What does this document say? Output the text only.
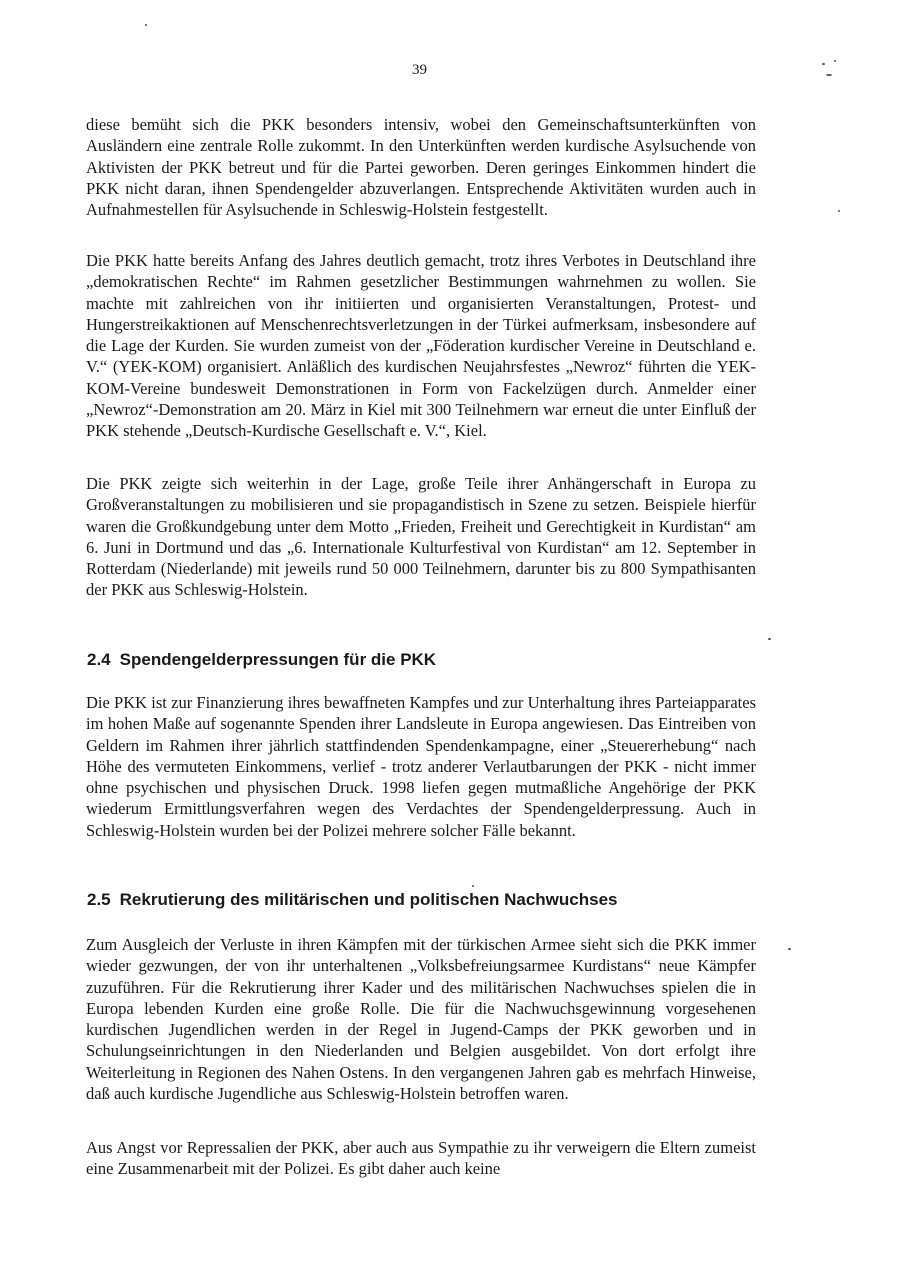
39

diese bemüht sich die PKK besonders intensiv, wobei den Gemeinschaftsunterkünften von Ausländern eine zentrale Rolle zukommt. In den Unterkünften werden kurdische Asylsuchende von Aktivisten der PKK betreut und für die Partei geworben. Deren geringes Einkommen hindert die PKK nicht daran, ihnen Spendengelder abzuverlangen. Entsprechende Aktivitäten wurden auch in Aufnahmestellen für Asylsuchende in Schleswig-Holstein festgestellt.

Die PKK hatte bereits Anfang des Jahres deutlich gemacht, trotz ihres Verbotes in Deutschland ihre „demokratischen Rechte“ im Rahmen gesetzlicher Bestimmungen wahrnehmen zu wollen. Sie machte mit zahlreichen von ihr initiierten und organisierten Veranstaltungen, Protest- und Hungerstreikaktionen auf Menschenrechtsverletzungen in der Türkei aufmerksam, insbesondere auf die Lage der Kurden. Sie wurden zumeist von der „Föderation kurdischer Vereine in Deutschland e. V.“ (YEK-KOM) organisiert. Anläßlich des kurdischen Neujahrsfestes „Newroz“ führten die YEK-KOM-Vereine bundesweit Demonstrationen in Form von Fackelzügen durch. Anmelder einer „Newroz“-Demonstration am 20. März in Kiel mit 300 Teilnehmern war erneut die unter Einfluß der PKK stehende „Deutsch-Kurdische Gesellschaft e. V.“, Kiel.

Die PKK zeigte sich weiterhin in der Lage, große Teile ihrer Anhängerschaft in Europa zu Großveranstaltungen zu mobilisieren und sie propagandistisch in Szene zu setzen. Beispiele hierfür waren die Großkundgebung unter dem Motto „Frieden, Freiheit und Gerechtigkeit in Kurdistan“ am 6. Juni in Dortmund und das „6. Internationale Kulturfestival von Kurdistan“ am 12. September in Rotterdam (Niederlande) mit jeweils rund 50 000 Teilnehmern, darunter bis zu 800 Sympathisanten der PKK aus Schleswig-Holstein.

2.4 Spendengelderpressungen für die PKK

Die PKK ist zur Finanzierung ihres bewaffneten Kampfes und zur Unterhaltung ihres Parteiapparates im hohen Maße auf sogenannte Spenden ihrer Landsleute in Europa angewiesen. Das Eintreiben von Geldern im Rahmen ihrer jährlich stattfindenden Spendenkampagne, einer „Steuererhebung“ nach Höhe des vermuteten Einkommens, verlief - trotz anderer Verlautbarungen der PKK - nicht immer ohne psychischen und physischen Druck. 1998 liefen gegen mutmaßliche Angehörige der PKK wiederum Ermittlungsverfahren wegen des Verdachtes der Spendengelderpressung. Auch in Schleswig-Holstein wurden bei der Polizei mehrere solcher Fälle bekannt.

2.5 Rekrutierung des militärischen und politischen Nachwuchses

Zum Ausgleich der Verluste in ihren Kämpfen mit der türkischen Armee sieht sich die PKK immer wieder gezwungen, der von ihr unterhaltenen „Volksbefreiungsarmee Kurdistans“ neue Kämpfer zuzuführen. Für die Rekrutierung ihrer Kader und des militärischen Nachwuchses spielen die in Europa lebenden Kurden eine große Rolle. Die für die Nachwuchsgewinnung vorgesehenen kurdischen Jugendlichen werden in der Regel in Jugend-Camps der PKK geworben und in Schulungseinrichtungen in den Niederlanden und Belgien ausgebildet. Von dort erfolgt ihre Weiterleitung in Regionen des Nahen Ostens. In den vergangenen Jahren gab es mehrfach Hinweise, daß auch kurdische Jugendliche aus Schleswig-Holstein betroffen waren.

Aus Angst vor Repressalien der PKK, aber auch aus Sympathie zu ihr verweigern die Eltern zumeist eine Zusammenarbeit mit der Polizei. Es gibt daher auch keine
